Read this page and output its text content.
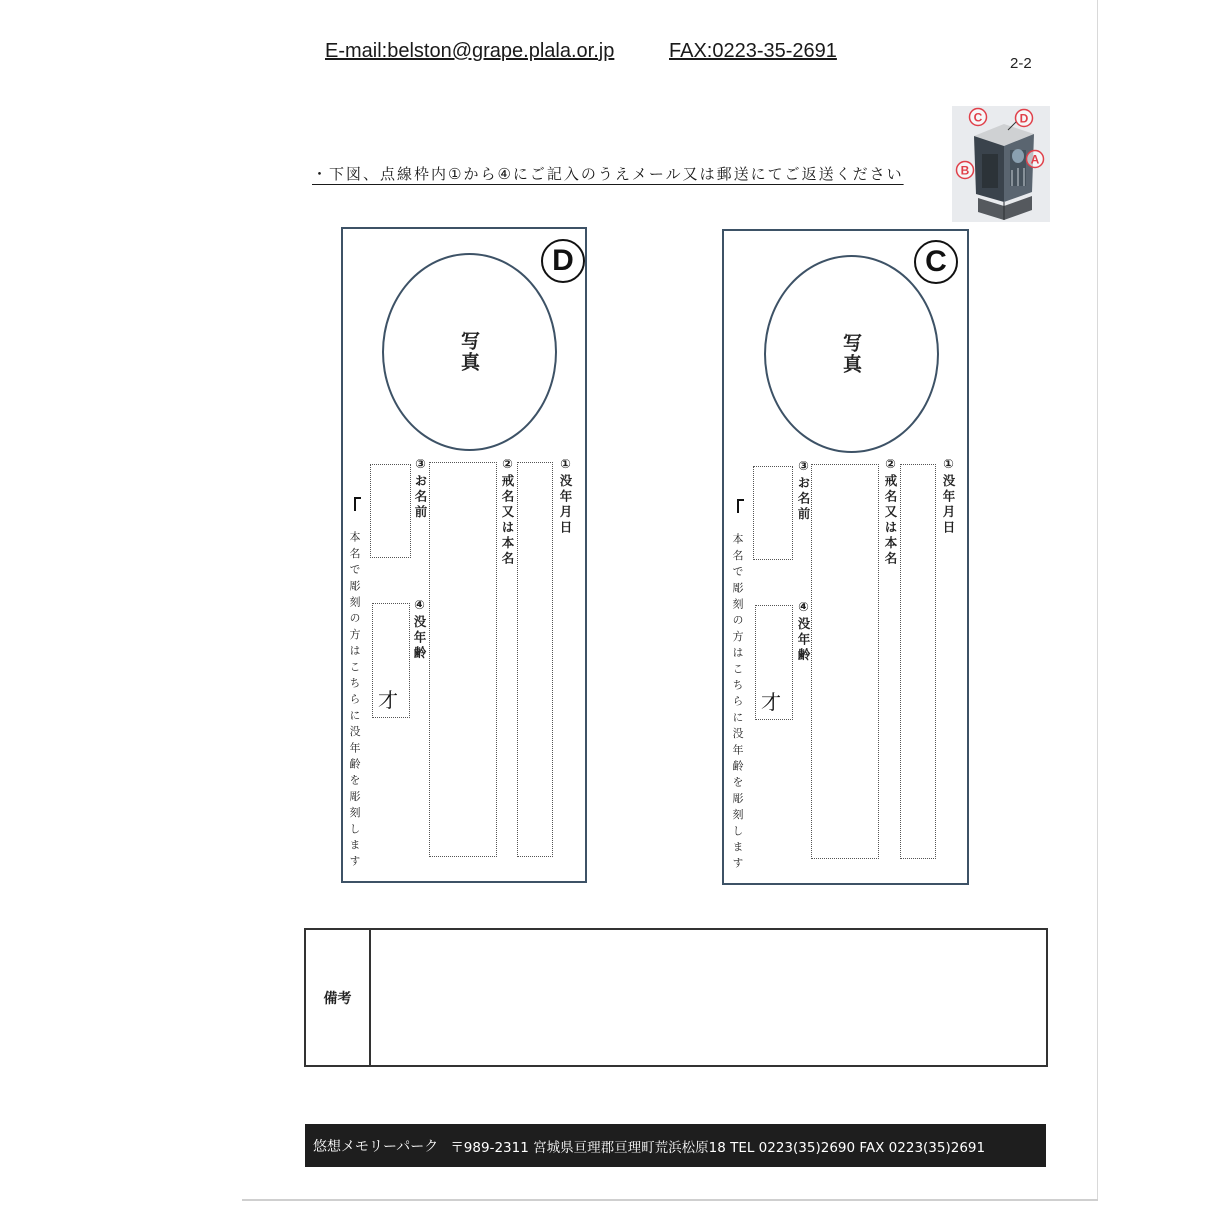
E-mail:belston@grape.plala.or.jp	FAX:0223-35-2691
2-2
・下図、点線枠内①から④にご記入のうえメール又は郵送にてご返送ください
C	D
B
A
D
写真
①没年月日
②戒名又は本名
③お名前
④没年齢
才
本名で彫刻の方はこちらに没年齢を彫刻します
C
写真
①没年月日
②戒名又は本名
③お名前
④没年齢
才
本名で彫刻の方はこちらに没年齢を彫刻します
備考
悠想メモリーパーク 〒989-2311 宮城県亘理郡亘理町荒浜松原18 TEL 0223(35)2690 FAX 0223(35)2691
